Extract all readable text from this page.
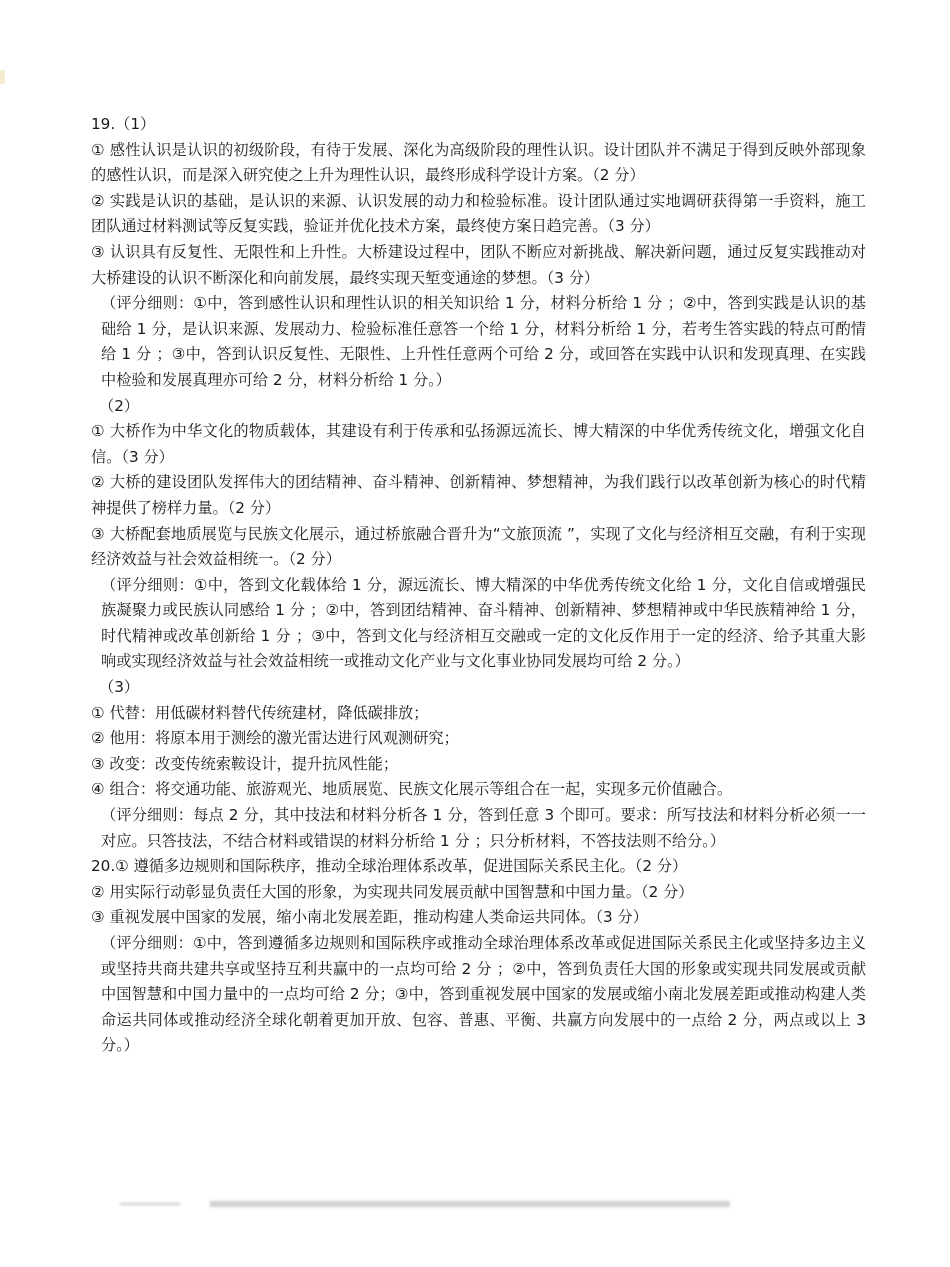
19.（1）

① 感性认识是认识的初级阶段，有待于发展、深化为高级阶段的理性认识。设计团队并不满足于得到反映外部现象的感性认识，而是深入研究使之上升为理性认识，最终形成科学设计方案。（2 分）

② 实践是认识的基础，是认识的来源、认识发展的动力和检验标准。设计团队通过实地调研获得第一手资料，施工团队通过材料测试等反复实践，验证并优化技术方案，最终使方案日趋完善。（3 分）

③ 认识具有反复性、无限性和上升性。大桥建设过程中，团队不断应对新挑战、解决新问题，通过反复实践推动对大桥建设的认识不断深化和向前发展，最终实现天堑变通途的梦想。（3 分）

（评分细则：①中，答到感性认识和理性认识的相关知识给 1 分，材料分析给 1 分 ；②中，答到实践是认识的基础给 1 分，是认识来源、发展动力、检验标准任意答一个给 1 分，材料分析给 1 分，若考生答实践的特点可酌情给 1 分 ；③中，答到认识反复性、无限性、上升性任意两个可给 2 分，或回答在实践中认识和发现真理、在实践中检验和发展真理亦可给 2 分，材料分析给 1 分。）

（2）

① 大桥作为中华文化的物质载体，其建设有利于传承和弘扬源远流长、博大精深的中华优秀传统文化，增强文化自信。（3 分）

② 大桥的建设团队发挥伟大的团结精神、奋斗精神、创新精神、梦想精神，为我们践行以改革创新为核心的时代精神提供了榜样力量。（2 分）

③ 大桥配套地质展览与民族文化展示，通过桥旅融合晋升为“文旅顶流 ”，实现了文化与经济相互交融，有利于实现经济效益与社会效益相统一。（2 分）

（评分细则：①中，答到文化载体给 1 分，源远流长、博大精深的中华优秀传统文化给 1 分，文化自信或增强民族凝聚力或民族认同感给 1 分 ；②中，答到团结精神、奋斗精神、创新精神、梦想精神或中华民族精神给 1 分，时代精神或改革创新给 1 分 ；③中，答到文化与经济相互交融或一定的文化反作用于一定的经济、给予其重大影响或实现经济效益与社会效益相统一或推动文化产业与文化事业协同发展均可给 2 分。）

（3）

① 代替：用低碳材料替代传统建材，降低碳排放；

② 他用：将原本用于测绘的激光雷达进行风观测研究；

③ 改变：改变传统索鞍设计，提升抗风性能；

④ 组合：将交通功能、旅游观光、地质展览、民族文化展示等组合在一起，实现多元价值融合。

（评分细则：每点 2 分，其中技法和材料分析各 1 分，答到任意 3 个即可。要求：所写技法和材料分析必须一一对应。只答技法，不结合材料或错误的材料分析给 1 分 ；只分析材料，不答技法则不给分。）

20.① 遵循多边规则和国际秩序，推动全球治理体系改革，促进国际关系民主化。（2 分）

② 用实际行动彰显负责任大国的形象，为实现共同发展贡献中国智慧和中国力量。（2 分）

③ 重视发展中国家的发展，缩小南北发展差距，推动构建人类命运共同体。（3 分）

（评分细则：①中，答到遵循多边规则和国际秩序或推动全球治理体系改革或促进国际关系民主化或坚持多边主义或坚持共商共建共享或坚持互利共赢中的一点均可给 2 分 ；②中，答到负责任大国的形象或实现共同发展或贡献中国智慧和中国力量中的一点均可给 2 分；③中，答到重视发展中国家的发展或缩小南北发展差距或推动构建人类命运共同体或推动经济全球化朝着更加开放、包容、普惠、平衡、共赢方向发展中的一点给 2 分，两点或以上 3 分。）
